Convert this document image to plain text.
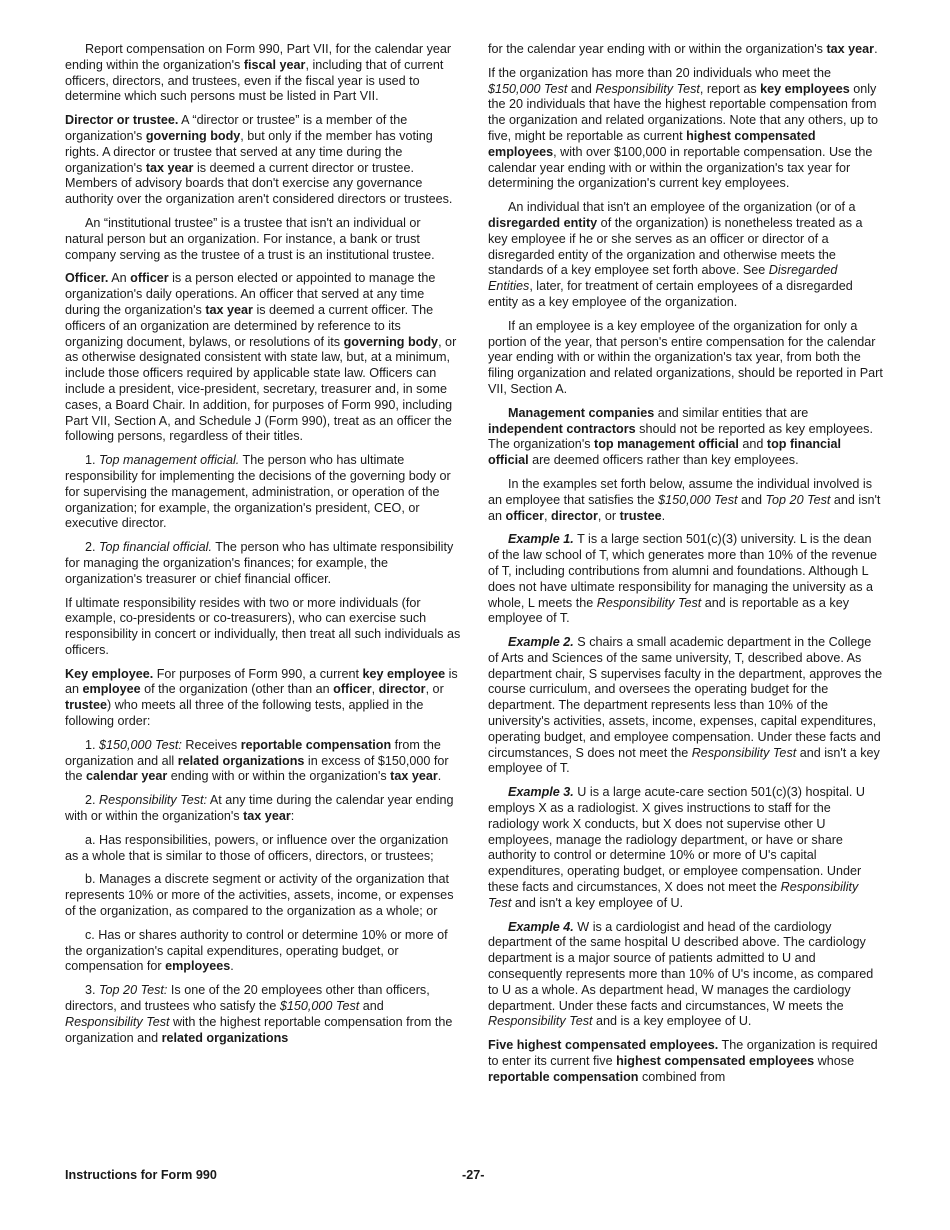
Report compensation on Form 990, Part VII, for the calendar year ending within the organization's fiscal year, including that of current officers, directors, and trustees, even if the fiscal year is used to determine which such persons must be listed in Part VII.

Director or trustee. A “director or trustee” is a member of the organization's governing body, but only if the member has voting rights. A director or trustee that served at any time during the organization's tax year is deemed a current director or trustee. Members of advisory boards that don't exercise any governance authority over the organization aren't considered directors or trustees.

An “institutional trustee” is a trustee that isn't an individual or natural person but an organization. For instance, a bank or trust company serving as the trustee of a trust is an institutional trustee.

Officer. An officer is a person elected or appointed to manage the organization's daily operations. An officer that served at any time during the organization's tax year is deemed a current officer. The officers of an organization are determined by reference to its organizing document, bylaws, or resolutions of its governing body, or as otherwise designated consistent with state law, but, at a minimum, include those officers required by applicable state law. Officers can include a president, vice-president, secretary, treasurer and, in some cases, a Board Chair. In addition, for purposes of Form 990, including Part VII, Section A, and Schedule J (Form 990), treat as an officer the following persons, regardless of their titles.

1. Top management official. The person who has ultimate responsibility for implementing the decisions of the governing body or for supervising the management, administration, or operation of the organization; for example, the organization's president, CEO, or executive director.

2. Top financial official. The person who has ultimate responsibility for managing the organization's finances; for example, the organization's treasurer or chief financial officer.

If ultimate responsibility resides with two or more individuals (for example, co-presidents or co-treasurers), who can exercise such responsibility in concert or individually, then treat all such individuals as officers.

Key employee. For purposes of Form 990, a current key employee is an employee of the organization (other than an officer, director, or trustee) who meets all three of the following tests, applied in the following order:

1. $150,000 Test: Receives reportable compensation from the organization and all related organizations in excess of $150,000 for the calendar year ending with or within the organization's tax year.

2. Responsibility Test: At any time during the calendar year ending with or within the organization's tax year:

a. Has responsibilities, powers, or influence over the organization as a whole that is similar to those of officers, directors, or trustees;

b. Manages a discrete segment or activity of the organization that represents 10% or more of the activities, assets, income, or expenses of the organization, as compared to the organization as a whole; or

c. Has or shares authority to control or determine 10% or more of the organization's capital expenditures, operating budget, or compensation for employees.

3. Top 20 Test: Is one of the 20 employees other than officers, directors, and trustees who satisfy the $150,000 Test and Responsibility Test with the highest reportable compensation from the organization and related organizations

for the calendar year ending with or within the organization's tax year.

If the organization has more than 20 individuals who meet the $150,000 Test and Responsibility Test, report as key employees only the 20 individuals that have the highest reportable compensation from the organization and related organizations. Note that any others, up to five, might be reportable as current highest compensated employees, with over $100,000 in reportable compensation. Use the calendar year ending with or within the organization's tax year for determining the organization's current key employees.

An individual that isn't an employee of the organization (or of a disregarded entity of the organization) is nonetheless treated as a key employee if he or she serves as an officer or director of a disregarded entity of the organization and otherwise meets the standards of a key employee set forth above. See Disregarded Entities, later, for treatment of certain employees of a disregarded entity as a key employee of the organization.

If an employee is a key employee of the organization for only a portion of the year, that person's entire compensation for the calendar year ending with or within the organization's tax year, from both the filing organization and related organizations, should be reported in Part VII, Section A.

Management companies and similar entities that are independent contractors should not be reported as key employees. The organization's top management official and top financial official are deemed officers rather than key employees.

In the examples set forth below, assume the individual involved is an employee that satisfies the $150,000 Test and Top 20 Test and isn't an officer, director, or trustee.

Example 1. T is a large section 501(c)(3) university. L is the dean of the law school of T, which generates more than 10% of the revenue of T, including contributions from alumni and foundations. Although L does not have ultimate responsibility for managing the university as a whole, L meets the Responsibility Test and is reportable as a key employee of T.

Example 2. S chairs a small academic department in the College of Arts and Sciences of the same university, T, described above. As department chair, S supervises faculty in the department, approves the course curriculum, and oversees the operating budget for the department. The department represents less than 10% of the university's activities, assets, income, expenses, capital expenditures, operating budget, and employee compensation. Under these facts and circumstances, S does not meet the Responsibility Test and isn't a key employee of T.

Example 3. U is a large acute-care section 501(c)(3) hospital. U employs X as a radiologist. X gives instructions to staff for the radiology work X conducts, but X does not supervise other U employees, manage the radiology department, or have or share authority to control or determine 10% or more of U's capital expenditures, operating budget, or employee compensation. Under these facts and circumstances, X does not meet the Responsibility Test and isn't a key employee of U.

Example 4. W is a cardiologist and head of the cardiology department of the same hospital U described above. The cardiology department is a major source of patients admitted to U and consequently represents more than 10% of U's income, as compared to U as a whole. As department head, W manages the cardiology department. Under these facts and circumstances, W meets the Responsibility Test and is a key employee of U.

Five highest compensated employees. The organization is required to enter its current five highest compensated employees whose reportable compensation combined from

Instructions for Form 990	-27-
